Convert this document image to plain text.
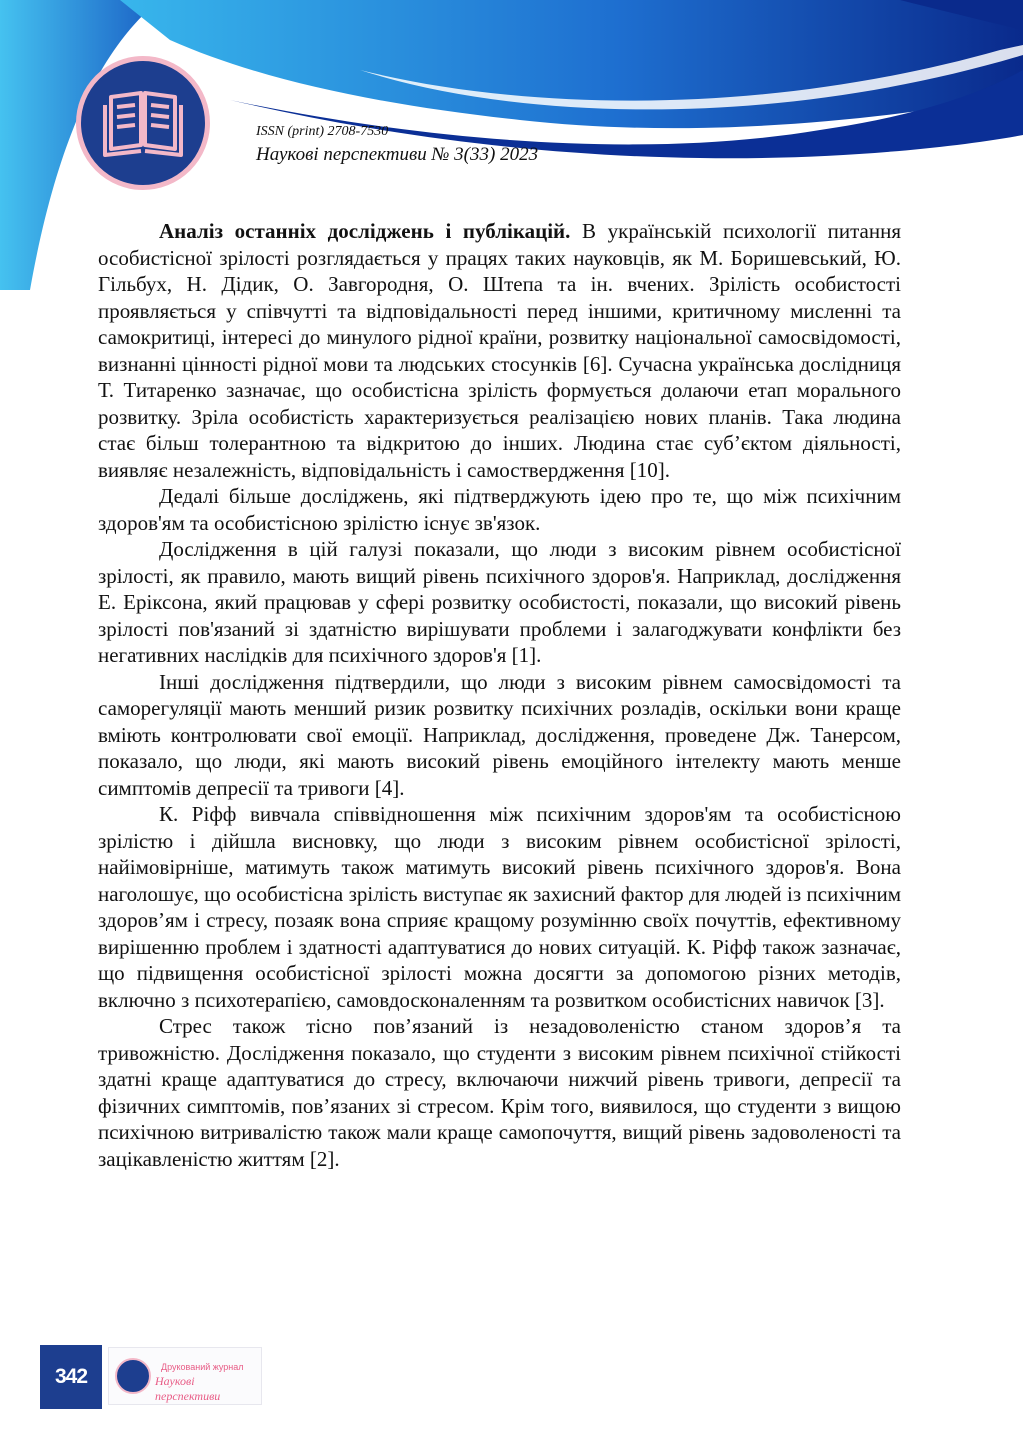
ISSN (print) 2708-7530
Наукові перспективи № 3(33) 2023

Аналіз останніх досліджень і публікацій. В українській психології питання особистісної зрілості розглядається у працях таких науковців, як М. Боришевський, Ю. Гільбух, Н. Дідик, О. Завгородня, О. Штепа та ін. вчених. Зрілість особистості проявляється у співчутті та відповідальності перед іншими, критичному мисленні та самокритиці, інтересі до минулого рідної країни, розвитку національної самосвідомості, визнанні цінності рідної мови та людських стосунків [6]. Сучасна українська дослідниця Т. Титаренко зазначає, що особистісна зрілість формується долаючи етап морального розвитку. Зріла особистість характеризується реалізацією нових планів. Така людина стає більш толерантною та відкритою до інших. Людина стає суб’єктом діяльності, виявляє незалежність, відповідальність і самоствердження [10].

Дедалі більше досліджень, які підтверджують ідею про те, що між психічним здоров'ям та особистісною зрілістю існує зв'язок.

Дослідження в цій галузі показали, що люди з високим рівнем особистісної зрілості, як правило, мають вищий рівень психічного здоров'я. Наприклад, дослідження Е. Еріксона, який працював у сфері розвитку особистості, показали, що високий рівень зрілості пов'язаний зі здатністю вирішувати проблеми і залагоджувати конфлікти без негативних наслідків для психічного здоров'я [1].

Інші дослідження підтвердили, що люди з високим рівнем самосвідомості та саморегуляції мають менший ризик розвитку психічних розладів, оскільки вони краще вміють контролювати свої емоції. Наприклад, дослідження, проведене Дж. Танерсом, показало, що люди, які мають високий рівень емоційного інтелекту мають менше симптомів депресії та тривоги [4].

К. Ріфф вивчала співвідношення між психічним здоров'ям та особистісною зрілістю і дійшла висновку, що люди з високим рівнем особистісної зрілості, найімовірніше, матимуть також матимуть високий рівень психічного здоров'я. Вона наголошує, що особистісна зрілість виступає як захисний фактор для людей із психічним здоров’ям і стресу, позаяк вона сприяє кращому розумінню своїх почуттів, ефективному вирішенню проблем і здатності адаптуватися до нових ситуацій. К. Ріфф також зазначає, що підвищення особистісної зрілості можна досягти за допомогою різних методів, включно з психотерапією, самовдосконаленням та розвитком особистісних навичок [3].

Стрес також тісно пов’язаний із незадоволеністю станом здоров’я та тривожністю. Дослідження показало, що студенти з високим рівнем психічної стійкості здатні краще адаптуватися до стресу, включаючи нижчий рівень тривоги, депресії та фізичних симптомів, пов’язаних зі стресом. Крім того, виявилося, що студенти з вищою психічною витривалістю також мали краще самопочуття, вищий рівень задоволеності та зацікавленістю життям [2].

342	Друкований журнал
Наукові перспективи
